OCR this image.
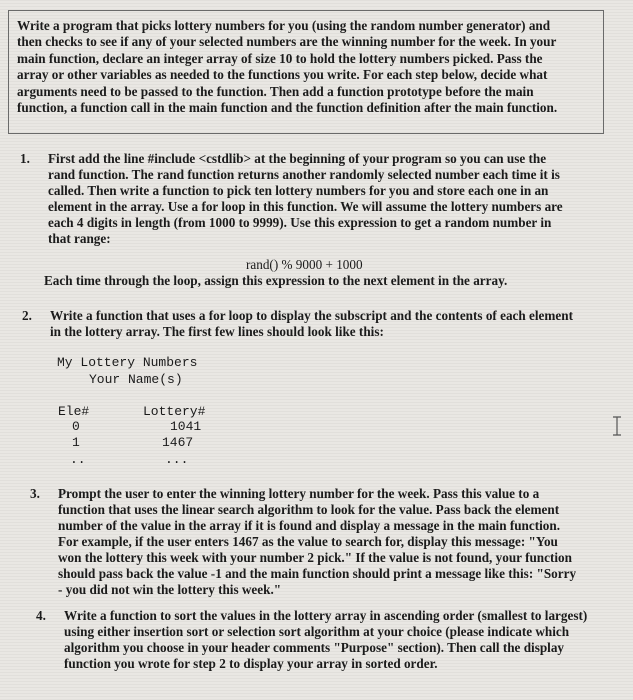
Write a program that picks lottery numbers for you (using the random number generator) and
then checks to see if any of your selected numbers are the winning number for the week. In your
main function, declare an integer array of size 10 to hold the lottery numbers picked. Pass the
array or other variables as needed to the functions you write. For each step below, decide what
arguments need to be passed to the function. Then add a function prototype before the main
function, a function call in the main function and the function definition after the main function.
1. First add the line #include <cstdlib> at the beginning of your program so you can use the
rand function. The rand function returns another randomly selected number each time it is
called. Then write a function to pick ten lottery numbers for you and store each one in an
element in the array. Use a for loop in this function. We will assume the lottery numbers are
each 4 digits in length (from 1000 to 9999). Use this expression to get a random number in
that range:
rand() % 9000 + 1000
Each time through the loop, assign this expression to the next element in the array.
2. Write a function that uses a for loop to display the subscript and the contents of each element
in the lottery array. The first few lines should look like this:
My Lottery Numbers
Your Name(s)
Ele#	Lottery#
0	1041
1	1467
..	...
3. Prompt the user to enter the winning lottery number for the week. Pass this value to a
function that uses the linear search algorithm to look for the value. Pass back the element
number of the value in the array if it is found and display a message in the main function.
For example, if the user enters 1467 as the value to search for, display this message: "You
won the lottery this week with your number 2 pick." If the value is not found, your function
should pass back the value -1 and the main function should print a message like this: "Sorry
- you did not win the lottery this week."
4. Write a function to sort the values in the lottery array in ascending order (smallest to largest)
using either insertion sort or selection sort algorithm at your choice (please indicate which
algorithm you choose in your header comments "Purpose" section). Then call the display
function you wrote for step 2 to display your array in sorted order.
